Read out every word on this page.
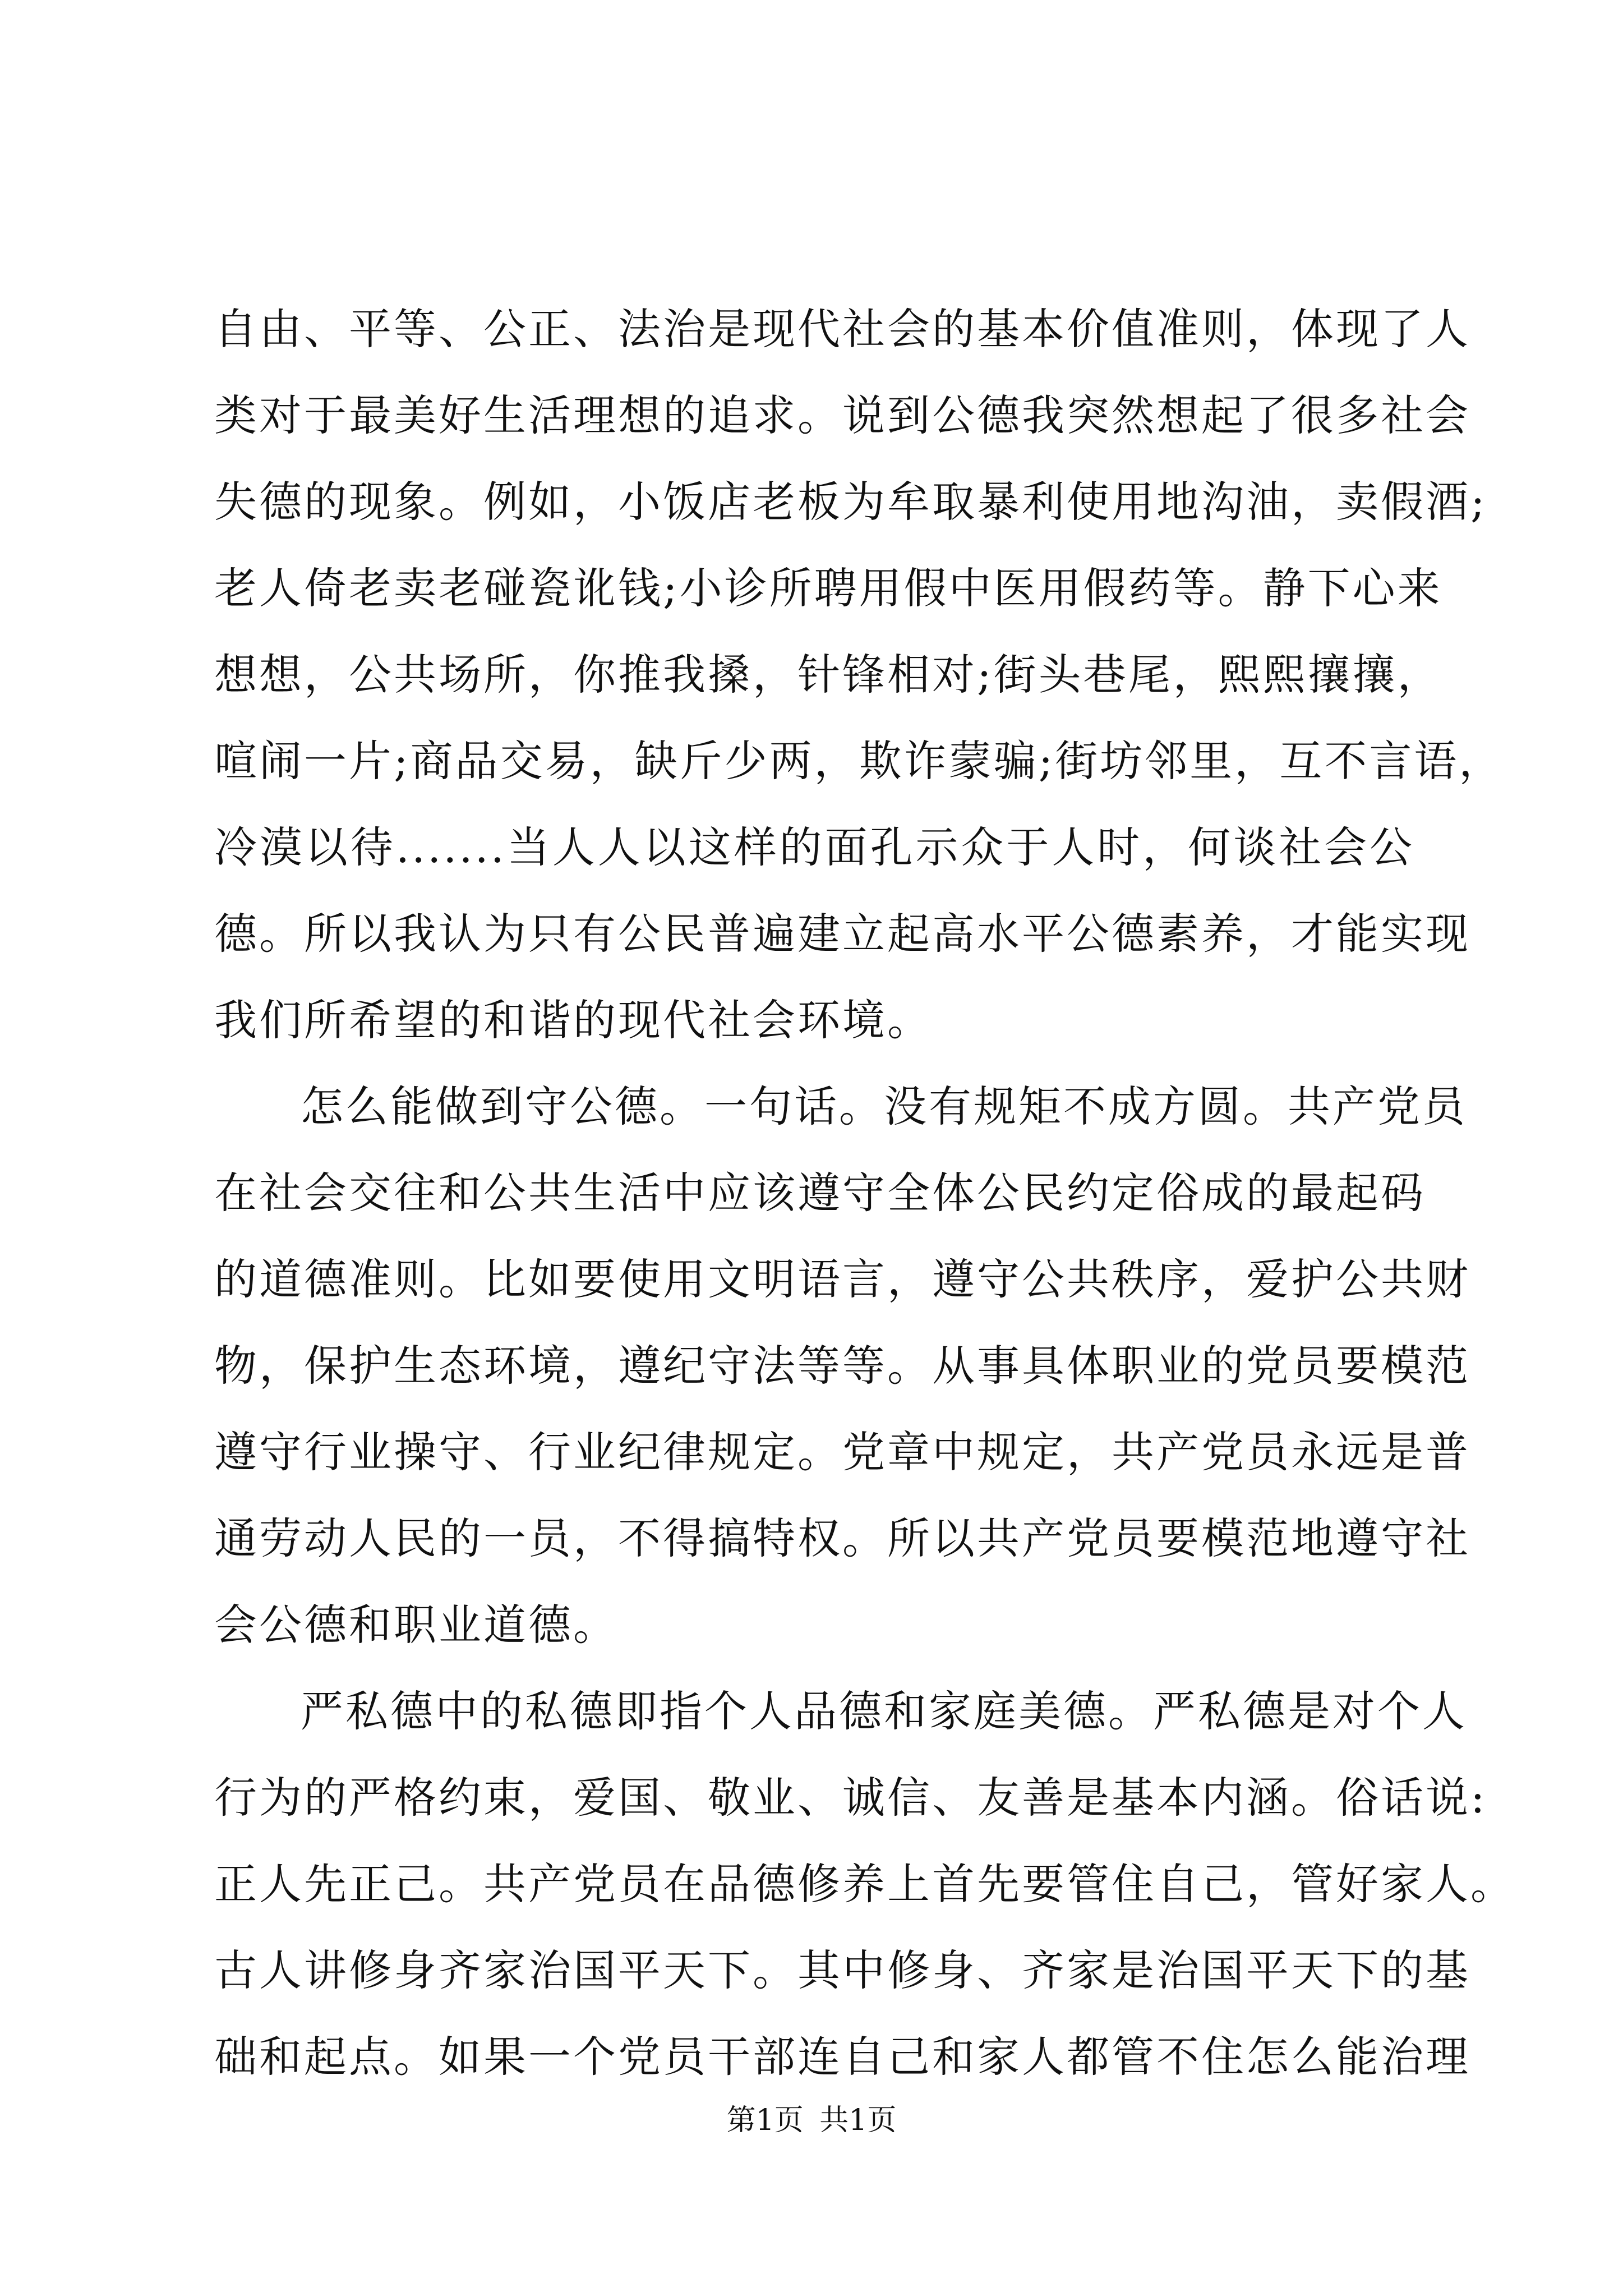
自由、平等、公正、法治是现代社会的基本价值准则，体现了人
类对于最美好生活理想的追求。说到公德我突然想起了很多社会
失德的现象。例如，小饭店老板为牟取暴利使用地沟油，卖假酒;
老人倚老卖老碰瓷讹钱;小诊所聘用假中医用假药等。静下心来
想想，公共场所，你推我搡，针锋相对;街头巷尾，熙熙攘攘，
喧闹一片;商品交易，缺斤少两，欺诈蒙骗;街坊邻里，互不言语，
冷漠以待.......当人人以这样的面孔示众于人时，何谈社会公
德。所以我认为只有公民普遍建立起高水平公德素养，才能实现
我们所希望的和谐的现代社会环境。
怎么能做到守公德。一句话。没有规矩不成方圆。共产党员
在社会交往和公共生活中应该遵守全体公民约定俗成的最起码
的道德准则。比如要使用文明语言，遵守公共秩序，爱护公共财
物，保护生态环境，遵纪守法等等。从事具体职业的党员要模范
遵守行业操守、行业纪律规定。党章中规定，共产党员永远是普
通劳动人民的一员，不得搞特权。所以共产党员要模范地遵守社
会公德和职业道德。
严私德中的私德即指个人品德和家庭美德。严私德是对个人
行为的严格约束，爱国、敬业、诚信、友善是基本内涵。俗话说:
正人先正己。共产党员在品德修养上首先要管住自己，管好家人。
古人讲修身齐家治国平天下。其中修身、齐家是治国平天下的基
础和起点。如果一个党员干部连自己和家人都管不住怎么能治理
第1页 共1页
